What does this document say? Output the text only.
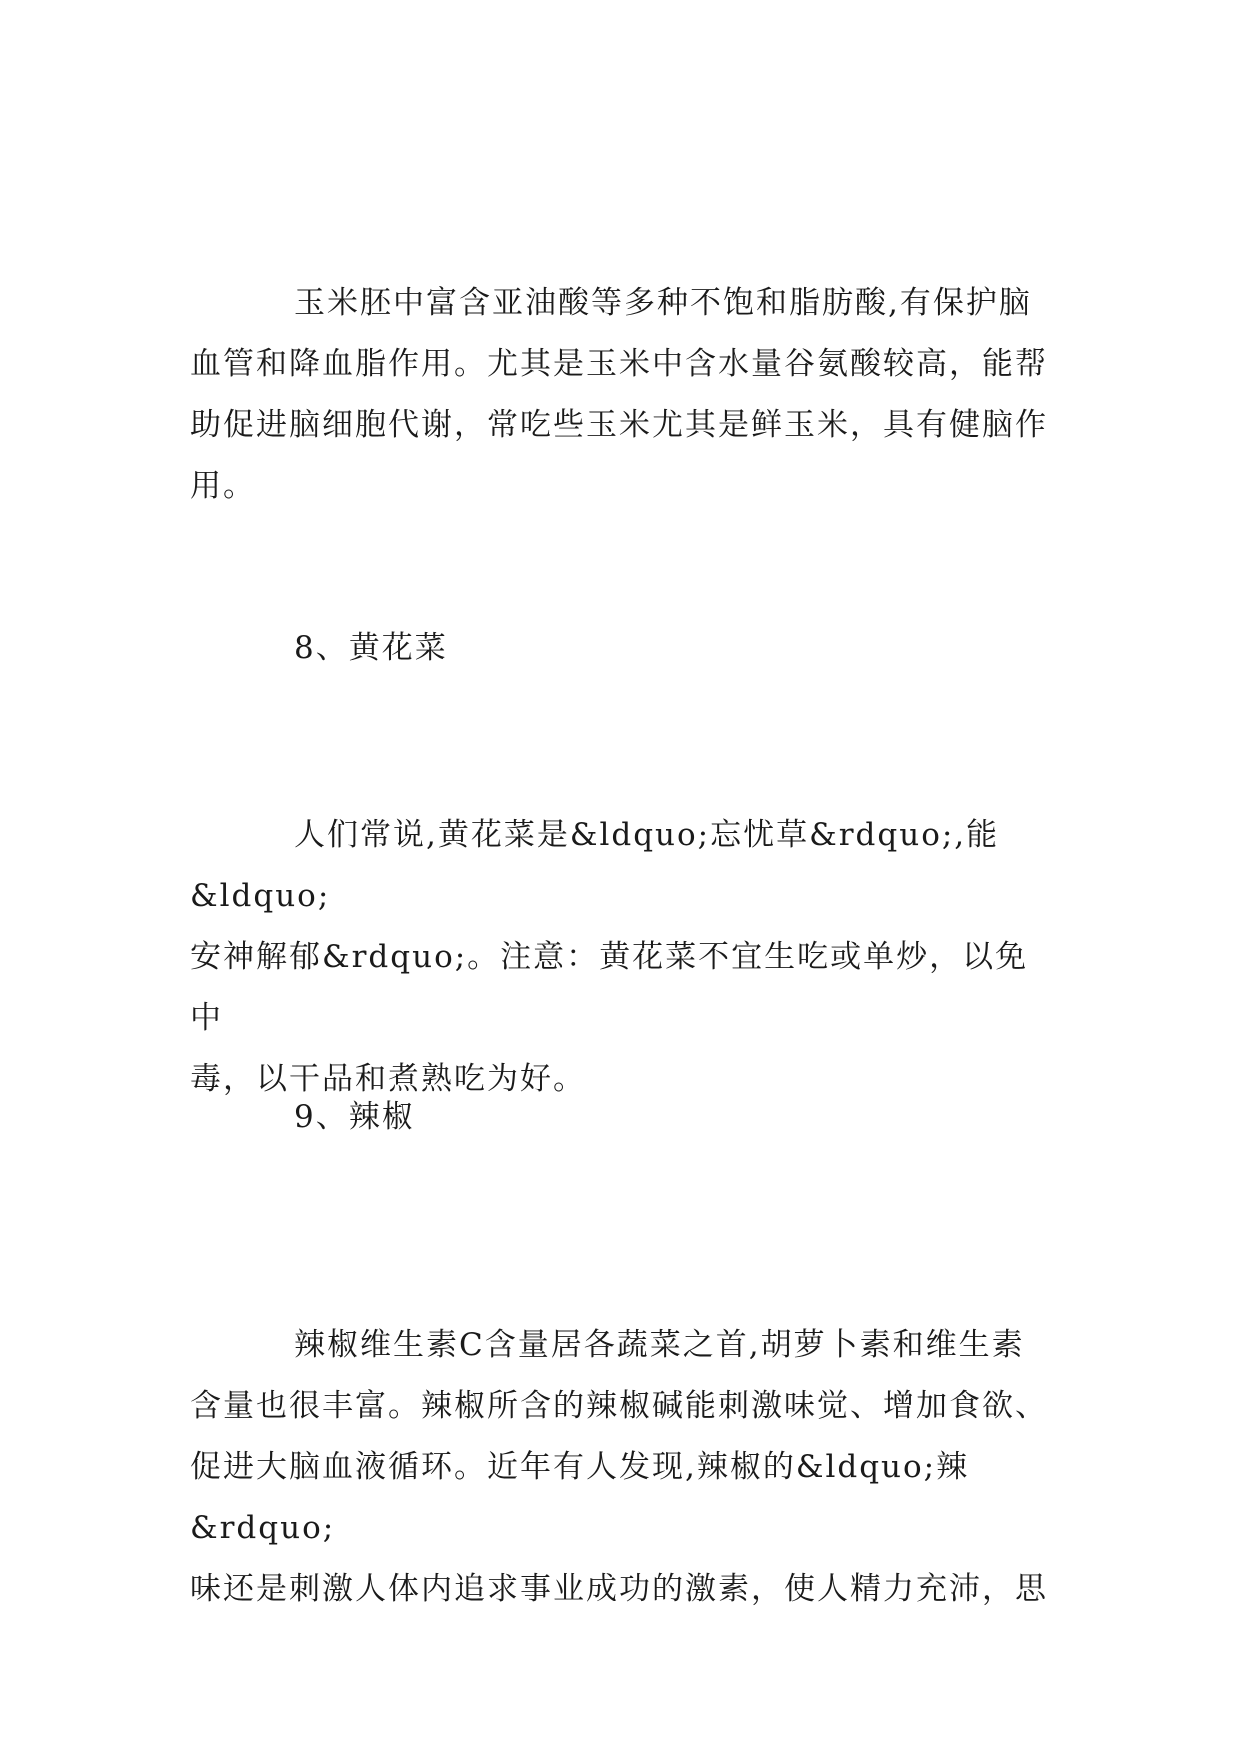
玉米胚中富含亚油酸等多种不饱和脂肪酸,有保护脑
血管和降血脂作用。尤其是玉米中含水量谷氨酸较高，能帮
助促进脑细胞代谢，常吃些玉米尤其是鲜玉米，具有健脑作
用。

8、黄花菜

人们常说,黄花菜是&ldquo;忘忧草&rdquo;,能&ldquo;
安神解郁&rdquo;。注意：黄花菜不宜生吃或单炒，以免中
毒，以干品和煮熟吃为好。

9、辣椒

辣椒维生素C含量居各蔬菜之首,胡萝卜素和维生素
含量也很丰富。辣椒所含的辣椒碱能刺激味觉、增加食欲、
促进大脑血液循环。近年有人发现,辣椒的&ldquo;辣&rdquo;
味还是刺激人体内追求事业成功的激素，使人精力充沛，思
